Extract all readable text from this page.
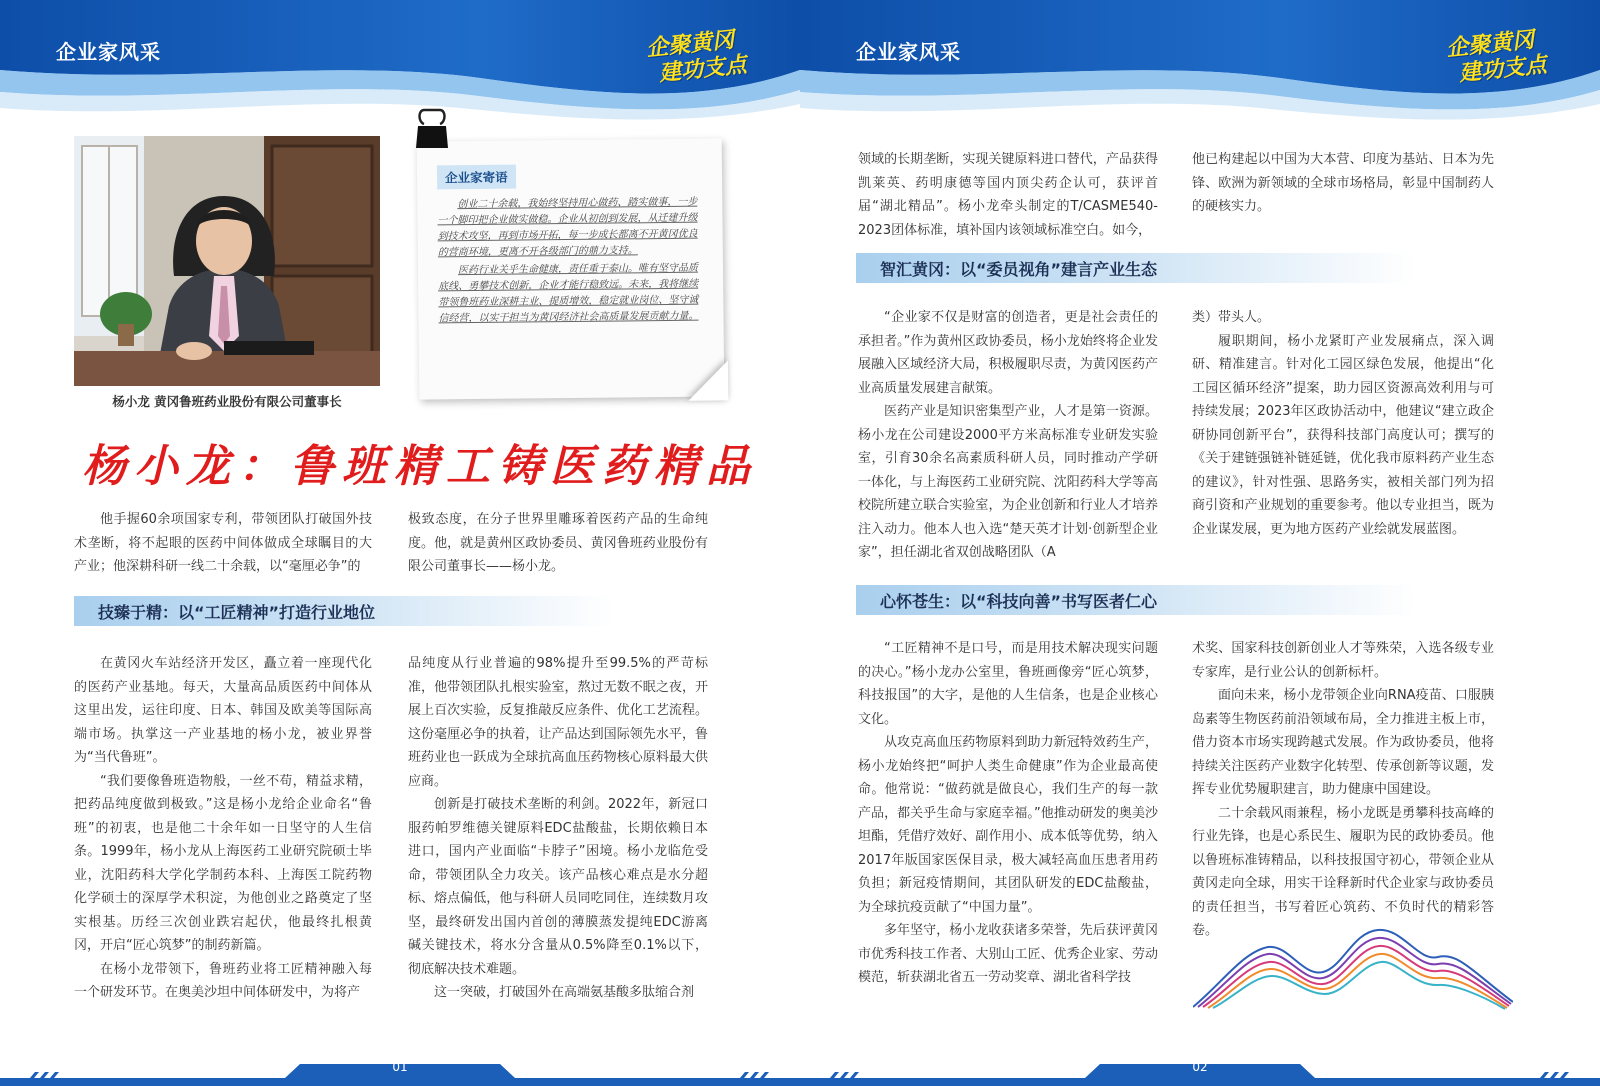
企业家风采	企聚黄冈
建功支点
杨小龙 黄冈鲁班药业股份有限公司董事长
企业家寄语

创业二十余载，我始终坚持用心做药、踏实做事，一步一个脚印把企业做实做稳。企业从初创到发展，从迁建升级到技术攻坚，再到市场开拓，每一步成长都离不开黄冈优良的营商环境，更离不开各级部门的鼎力支持。

医药行业关乎生命健康，责任重于泰山。唯有坚守品质底线、勇攀技术创新，企业才能行稳致远。未来，我将继续带领鲁班药业深耕主业、提质增效，稳定就业岗位、坚守诚信经营，以实干担当为黄冈经济社会高质量发展贡献力量。

杨小龙：鲁班精工铸医药精品

他手握60余项国家专利，带领团队打破国外技术垄断，将不起眼的医药中间体做成全球瞩目的大产业；他深耕科研一线二十余载，以“毫厘必争”的

极致态度，在分子世界里雕琢着医药产品的生命纯度。他，就是黄州区政协委员、黄冈鲁班药业股份有限公司董事长——杨小龙。

技臻于精：以“工匠精神”打造行业地位

在黄冈火车站经济开发区，矗立着一座现代化的医药产业基地。每天，大量高品质医药中间体从这里出发，运往印度、日本、韩国及欧美等国际高端市场。执掌这一产业基地的杨小龙，被业界誉为“当代鲁班”。

“我们要像鲁班造物般，一丝不苟，精益求精，把药品纯度做到极致。”这是杨小龙给企业命名“鲁班”的初衷，也是他二十余年如一日坚守的人生信条。1999年，杨小龙从上海医药工业研究院硕士毕业，沈阳药科大学化学制药本科、上海医工院药物化学硕士的深厚学术积淀，为他创业之路奠定了坚实根基。历经三次创业跌宕起伏，他最终扎根黄冈，开启“匠心筑梦”的制药新篇。

在杨小龙带领下，鲁班药业将工匠精神融入每一个研发环节。在奥美沙坦中间体研发中，为将产

品纯度从行业普遍的98%提升至99.5%的严苛标准，他带领团队扎根实验室，熬过无数不眠之夜，开展上百次实验，反复推敲反应条件、优化工艺流程。这份毫厘必争的执着，让产品达到国际领先水平，鲁班药业也一跃成为全球抗高血压药物核心原料最大供应商。

创新是打破技术垄断的利剑。2022年，新冠口服药帕罗维德关键原料EDC盐酸盐，长期依赖日本进口，国内产业面临“卡脖子”困境。杨小龙临危受命，带领团队全力攻关。该产品核心难点是水分超标、熔点偏低，他与科研人员同吃同住，连续数月攻坚，最终研发出国内首创的薄膜蒸发提纯EDC游离碱关键技术，将水分含量从0.5%降至0.1%以下，彻底解决技术难题。

这一突破，打破国外在高端氨基酸多肽缩合剂

01
企业家风采	企聚黄冈
建功支点

领域的长期垄断，实现关键原料进口替代，产品获得凯莱英、药明康德等国内顶尖药企认可，获评首届“湖北精品”。杨小龙牵头制定的T/CASME540-2023团体标准，填补国内该领域标准空白。如今，

他已构建起以中国为大本营、印度为基站、日本为先锋、欧洲为新领域的全球市场格局，彰显中国制药人的硬核实力。

智汇黄冈：以“委员视角”建言产业生态

“企业家不仅是财富的创造者，更是社会责任的承担者。”作为黄州区政协委员，杨小龙始终将企业发展融入区域经济大局，积极履职尽责，为黄冈医药产业高质量发展建言献策。

医药产业是知识密集型产业，人才是第一资源。杨小龙在公司建设2000平方米高标准专业研发实验室，引育30余名高素质科研人员，同时推动产学研一体化，与上海医药工业研究院、沈阳药科大学等高校院所建立联合实验室，为企业创新和行业人才培养注入动力。他本人也入选“楚天英才计划·创新型企业家”，担任湖北省双创战略团队（A

类）带头人。

履职期间，杨小龙紧盯产业发展痛点，深入调研、精准建言。针对化工园区绿色发展，他提出“化工园区循环经济”提案，助力园区资源高效利用与可持续发展；2023年区政协活动中，他建议“建立政企研协同创新平台”，获得科技部门高度认可；撰写的《关于建链强链补链延链，优化我市原料药产业生态的建议》，针对性强、思路务实，被相关部门列为招商引资和产业规划的重要参考。他以专业担当，既为企业谋发展，更为地方医药产业绘就发展蓝图。

心怀苍生：以“科技向善”书写医者仁心

“工匠精神不是口号，而是用技术解决现实问题的决心。”杨小龙办公室里，鲁班画像旁“匠心筑梦，科技报国”的大字，是他的人生信条，也是企业核心文化。

从攻克高血压药物原料到助力新冠特效药生产，杨小龙始终把“呵护人类生命健康”作为企业最高使命。他常说：“做药就是做良心，我们生产的每一款产品，都关乎生命与家庭幸福。”他推动研发的奥美沙坦酯，凭借疗效好、副作用小、成本低等优势，纳入2017年版国家医保目录，极大减轻高血压患者用药负担；新冠疫情期间，其团队研发的EDC盐酸盐，为全球抗疫贡献了“中国力量”。

多年坚守，杨小龙收获诸多荣誉，先后获评黄冈市优秀科技工作者、大别山工匠、优秀企业家、劳动模范，斩获湖北省五一劳动奖章、湖北省科学技

术奖、国家科技创新创业人才等殊荣，入选各级专业专家库，是行业公认的创新标杆。

面向未来，杨小龙带领企业向RNA疫苗、口服胰岛素等生物医药前沿领域布局，全力推进主板上市，借力资本市场实现跨越式发展。作为政协委员，他将持续关注医药产业数字化转型、传承创新等议题，发挥专业优势履职建言，助力健康中国建设。

二十余载风雨兼程，杨小龙既是勇攀科技高峰的行业先锋，也是心系民生、履职为民的政协委员。他以鲁班标准铸精品，以科技报国守初心，带领企业从黄冈走向全球，用实干诠释新时代企业家与政协委员的责任担当，书写着匠心筑药、不负时代的精彩答卷。

02
